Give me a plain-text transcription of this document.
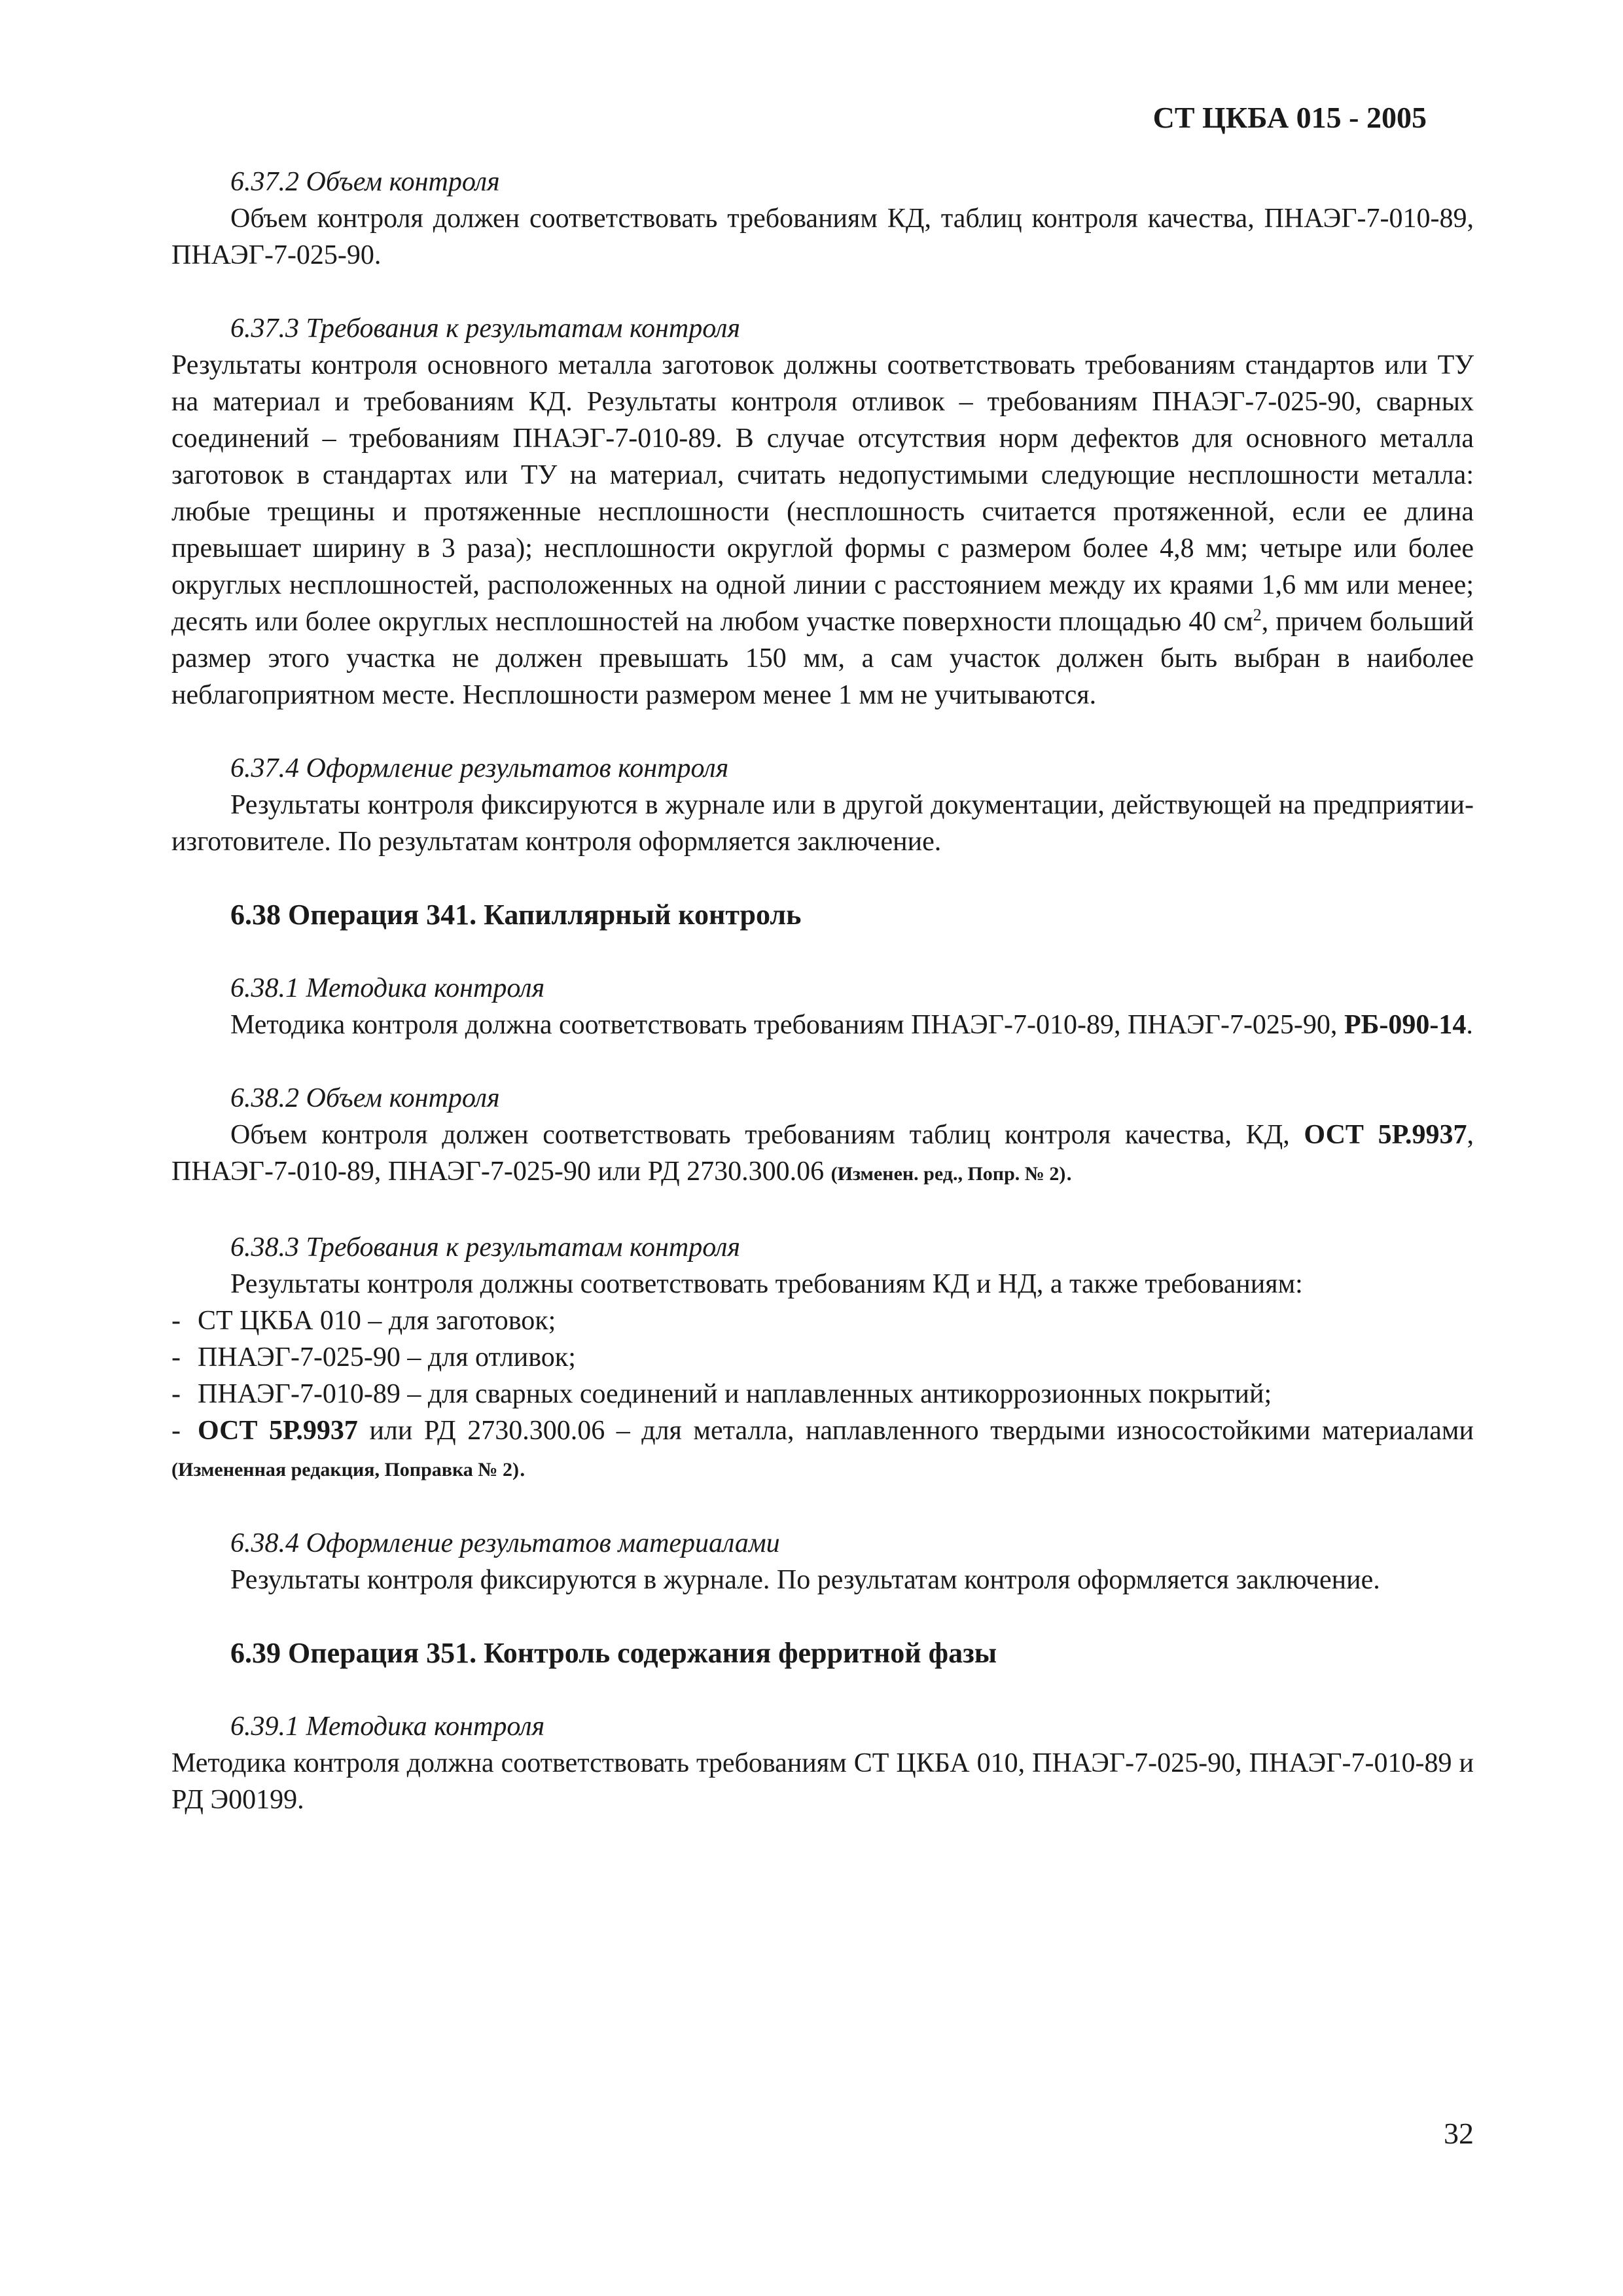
СТ ЦКБА 015 - 2005

6.37.2 Объем контроля

Объем контроля должен соответствовать требованиям КД, таблиц контроля качества, ПНАЭГ-7-010-89, ПНАЭГ-7-025-90.

6.37.3 Требования к результатам контроля

Результаты контроля основного металла заготовок должны соответствовать требованиям стандартов или ТУ на материал и требованиям КД. Результаты контроля отливок – требованиям ПНАЭГ-7-025-90, сварных соединений – требованиям ПНАЭГ-7-010-89. В случае отсутствия норм дефектов для основного металла заготовок в стандартах или ТУ на материал, считать недопустимыми следующие несплошности металла: любые трещины и протяженные несплошности (несплошность считается протяженной, если ее длина превышает ширину в 3 раза); несплошности округлой формы с размером более 4,8 мм; четыре или более округлых несплошностей, расположенных на одной линии с расстоянием между их краями 1,6 мм или менее; десять или более округлых несплошностей на любом участке поверхности площадью 40 $см^2$, причем больший размер этого участка не должен превышать 150 мм, а сам участок должен быть выбран в наиболее неблагоприятном месте. Несплошности размером менее 1 мм не учитываются.

6.37.4 Оформление результатов контроля

Результаты контроля фиксируются в журнале или в другой документации, действующей на предприятии-изготовителе. По результатам контроля оформляется заключение.

6.38 Операция 341. Капиллярный контроль

6.38.1 Методика контроля

Методика контроля должна соответствовать требованиям ПНАЭГ-7-010-89, ПНАЭГ-7-025-90, РБ-090-14.

6.38.2 Объем контроля

Объем контроля должен соответствовать требованиям таблиц контроля качества, КД, ОСТ 5Р.9937, ПНАЭГ-7-010-89, ПНАЭГ-7-025-90 или РД 2730.300.06 (Изменен. ред., Попр. № 2).

6.38.3 Требования к результатам контроля

Результаты контроля должны соответствовать требованиям КД и НД, а также требованиям:

- СТ ЦКБА 010 – для заготовок;
- ПНАЭГ-7-025-90 – для отливок;
- ПНАЭГ-7-010-89 – для сварных соединений и наплавленных антикоррозионных покрытий;
- ОСТ 5Р.9937 или РД 2730.300.06 – для металла, наплавленного твердыми износостойкими материалами (Измененная редакция, Поправка № 2).

6.38.4 Оформление результатов материалами

Результаты контроля фиксируются в журнале. По результатам контроля оформляется заключение.

6.39 Операция 351. Контроль содержания ферритной фазы

6.39.1 Методика контроля

Методика контроля должна соответствовать требованиям СТ ЦКБА 010, ПНАЭГ-7-025-90, ПНАЭГ-7-010-89 и РД Э00199.

32
